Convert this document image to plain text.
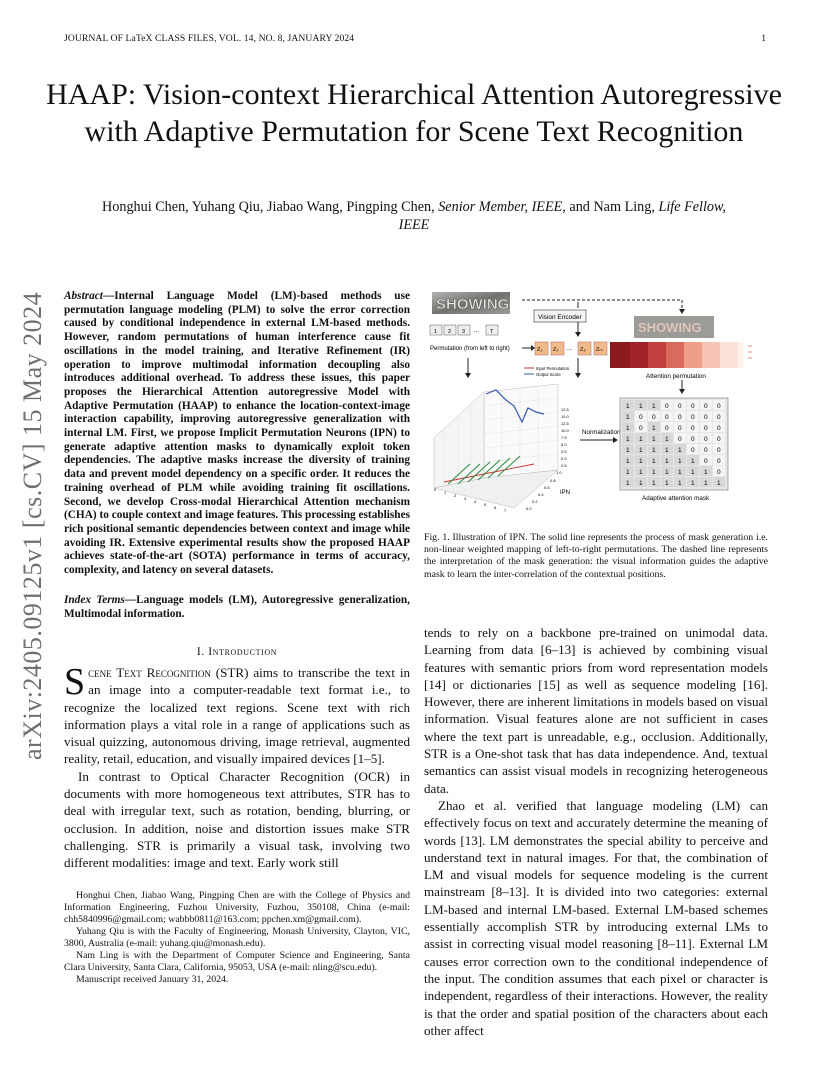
JOURNAL OF LaTeX CLASS FILES, VOL. 14, NO. 8, JANUARY 2024	1
HAAP: Vision-context Hierarchical Attention Autoregressive with Adaptive Permutation for Scene Text Recognition
Honghui Chen, Yuhang Qiu, Jiabao Wang, Pingping Chen, Senior Member, IEEE, and Nam Ling, Life Fellow, IEEE
arXiv:2405.09125v1 [cs.CV] 15 May 2024 Abstract—Internal Language Model (LM)-based methods use permutation language modeling (PLM) to solve the error correction caused by conditional independence in external LM-based methods. However, random permutations of human interference cause fit oscillations in the model training, and Iterative Refinement (IR) operation to improve multimodal information decoupling also introduces additional overhead. To address these issues, this paper proposes the Hierarchical Attention autoregressive Model with Adaptive Permutation (HAAP) to enhance the location-context-image interaction capability, improving autoregressive generalization with internal LM. First, we propose Implicit Permutation Neurons (IPN) to generate adaptive attention masks to dynamically exploit token dependencies. The adaptive masks increase the diversity of training data and prevent model dependency on a specific order. It reduces the training overhead of PLM while avoiding training fit oscillations. Second, we develop Cross-modal Hierarchical Attention mechanism (CHA) to couple context and image features. This processing establishes rich positional semantic dependencies between context and image while avoiding IR. Extensive experimental results show the proposed HAAP achieves state-of-the-art (SOTA) performance in terms of accuracy, complexity, and latency on several datasets.
Index Terms—Language models (LM), Autoregressive generalization, Multimodal information.
I. Introduction

Scene Text Recognition (STR) aims to transcribe the text in an image into a computer-readable text format i.e., to recognize the localized text regions. Scene text with rich information plays a vital role in a range of applications such as visual quizzing, autonomous driving, image retrieval, augmented reality, retail, education, and visually impaired devices [1–5].

In contrast to Optical Character Recognition (OCR) in documents with more homogeneous text attributes, STR has to deal with irregular text, such as rotation, bending, blurring, or occlusion. In addition, noise and distortion issues make STR challenging. STR is primarily a visual task, involving two different modalities: image and text. Early work still

Honghui Chen, Jiabao Wang, Pingping Chen are with the College of Physics and Information Engineering, Fuzhou University, Fuzhou, 350108, China (e-mail: chh5840996@gmail.com; wabbb0811@163.com; ppchen.xm@gmail.com).

Yuhang Qiu is with the Faculty of Engineering, Monash University, Clayton, VIC, 3800, Australia (e-mail: yuhang.qiu@monash.edu).

Nam Ling is with the Department of Computer Science and Engineering, Santa Clara University, Santa Clara, California, 95053, USA (e-mail: nling@scu.edu).

Manuscript received January 31, 2024.

SHOWING
Vision Encoder
1 2 3 ... T
Permutation (from left to right)	Z₁ Z₂ ... Z₃ Zₘ
SHOWING
Attention permutation
Input Permutation
Output Score
12.5
10.0
12.5
10.0
7.5
5.0
2.5
0.0
2.5
1.0
0.8
0.6
0.4
0.2
0.0
0
1
2
3
4
5
6
7
IPN
Normalization
1 1 1 0 0 0 0 0
1 0 0 0 0 0 0 0
1 0 1 0 0 0 0 0
1 1 1 1 0 0 0 0
1 1 1 1 1 0 0 0
1 1 1 1 1 1 0 0
1 1 1 1 1 1 1 0
1 1 1 1 1 1 1 1
Adaptive attention mask
Fig. 1. Illustration of IPN. The solid line represents the process of mask generation i.e. non-linear weighted mapping of left-to-right permutations. The dashed line represents the interpretation of the mask generation: the visual information guides the adaptive mask to learn the inter-correlation of the contextual positions.

tends to rely on a backbone pre-trained on unimodal data. Learning from data [6–13] is achieved by combining visual features with semantic priors from word representation models [14] or dictionaries [15] as well as sequence modeling [16]. However, there are inherent limitations in models based on visual information. Visual features alone are not sufficient in cases where the text part is unreadable, e.g., occlusion. Additionally, STR is a One-shot task that has data independence. And, textual semantics can assist visual models in recognizing heterogeneous data.

Zhao et al. verified that language modeling (LM) can effectively focus on text and accurately determine the meaning of words [13]. LM demonstrates the special ability to perceive and understand text in natural images. For that, the combination of LM and visual models for sequence modeling is the current mainstream [8–13]. It is divided into two categories: external LM-based and internal LM-based. External LM-based schemes essentially accomplish STR by introducing external LMs to assist in correcting visual model reasoning [8–11]. External LM causes error correction own to the conditional independence of the input. The condition assumes that each pixel or character is independent, regardless of their interactions. However, the reality is that the order and spatial position of the characters about each other affect
